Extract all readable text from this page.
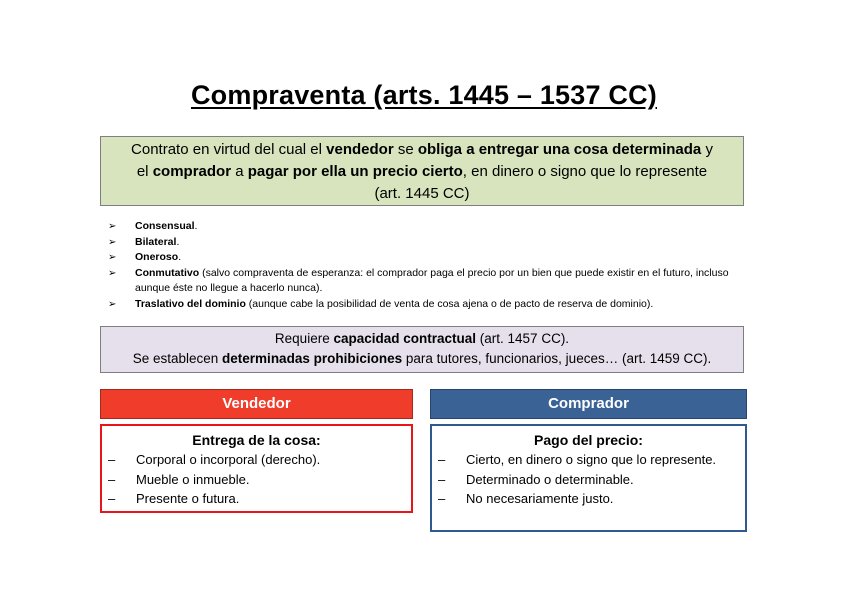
Compraventa (arts. 1445 – 1537 CC)
Contrato en virtud del cual el vendedor se obliga a entregar una cosa determinada y
el comprador a pagar por ella un precio cierto, en dinero o signo que lo represente
(art. 1445 CC)
➢ Consensual.
➢ Bilateral.
➢ Oneroso.
➢ Conmutativo (salvo compraventa de esperanza: el comprador paga el precio por un bien que puede existir en el futuro, incluso aunque éste no llegue a hacerlo nunca).
➢ Traslativo del dominio (aunque cabe la posibilidad de venta de cosa ajena o de pacto de reserva de dominio).
Requiere capacidad contractual (art. 1457 CC).
Se establecen determinadas prohibiciones para tutores, funcionarios, jueces… (art. 1459 CC).
Vendedor	Comprador
Entrega de la cosa:
– Corporal o incorporal (derecho).
– Mueble o inmueble.
– Presente o futura.
Pago del precio:
– Cierto, en dinero o signo que lo represente.
– Determinado o determinable.
– No necesariamente justo.
